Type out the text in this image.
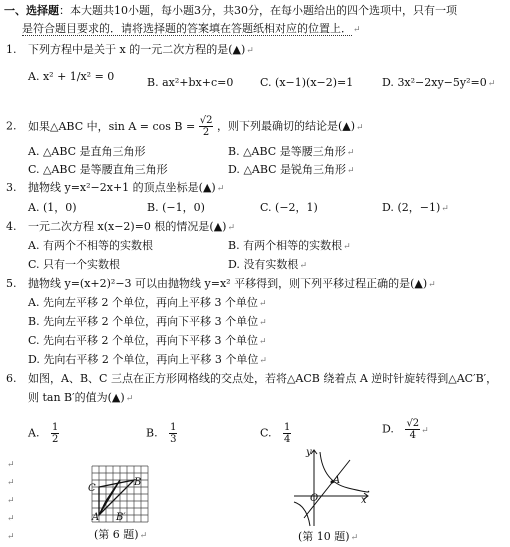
一、选择题：本大题共10小题，每小题3分，共30分，在每小题给出的四个选项中，只有一项
是符合题目要求的．请将选择题的答案填在答题纸相对应的位置上．↵
1. 下列方程中是关于 x 的一元二次方程的是(▲)↵
A. x² + 1/x² = 0	B. ax²+bx+c=0 C. (x−1)(x−2)=1	D. 3x²−2xy−5y²=0↵
2. 如果△ABC 中，$\sin A = \cos B = \frac{√2}{2}$ ，则下列最确切的结论是(▲)↵
A. △ABC 是直角三角形	B. △ABC 是等腰三角形↵
C. △ABC 是等腰直角三角形	D. △ABC 是锐角三角形↵
3. 抛物线 y=x²−2x+1 的顶点坐标是(▲)↵
A. (1，0)	B. (−1，0)	C. (−2，1)	D. (2，−1)↵
4. 一元二次方程 x(x−2)=0 根的情况是(▲)↵
A. 有两个不相等的实数根	B. 有两个相等的实数根↵
C. 只有一个实数根	D. 没有实数根↵
5. 抛物线 y=(x+2)²−3 可以由抛物线 y=x² 平移得到，则下列平移过程正确的是(▲)↵
A. 先向左平移 2 个单位，再向上平移 3 个单位↵
B. 先向左平移 2 个单位，再向下平移 3 个单位↵
C. 先向右平移 2 个单位，再向下平移 3 个单位↵
D. 先向右平移 2 个单位，再向上平移 3 个单位↵
6. 如图，A、B、C 三点在正方形网格线的交点处，若将△ACB 绕着点 A 逆时针旋转得到△AC′B′，
则 tan B′的值为(▲)↵
A. $\frac{1}{2}$	B. $\frac{1}{3}$	C. $\frac{1}{4}$	D. $\frac{√2}{4}$ ↵
↵
↵
↵
↵
↵
C
B
A B′
(第 6 题)↵
y
x
A
O
(第 10 题)↵
